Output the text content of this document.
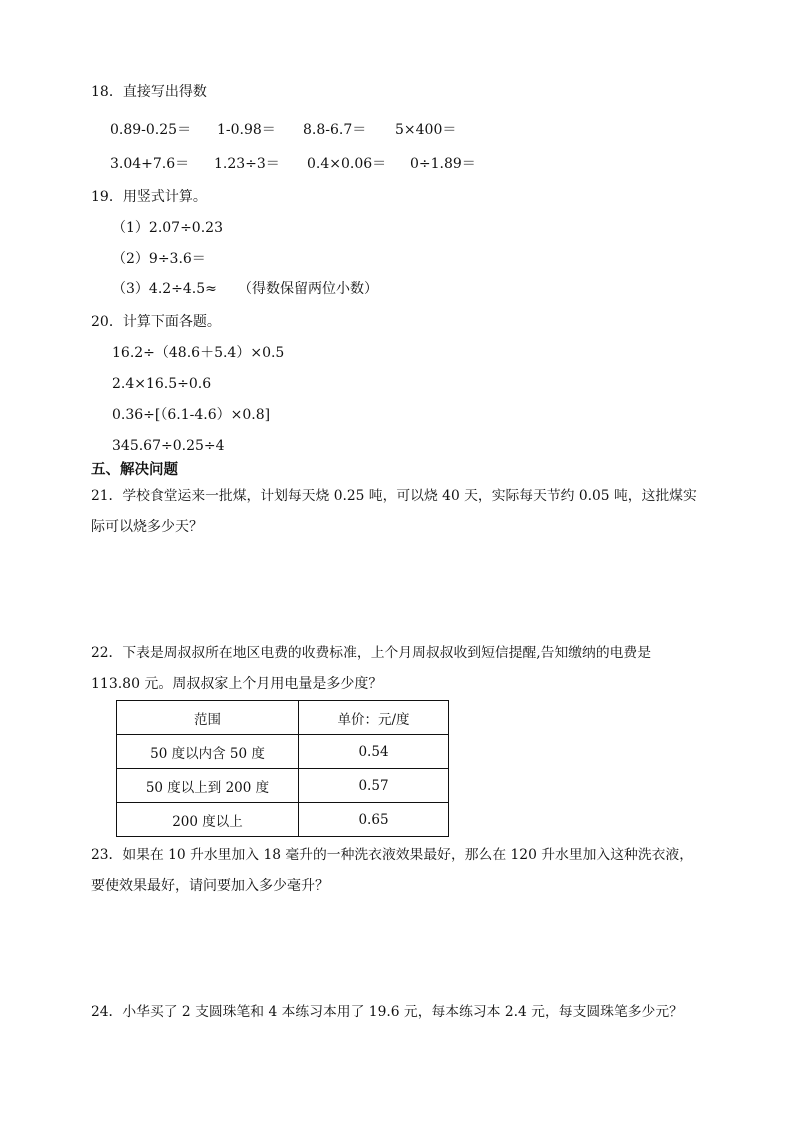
18．直接写出得数
0.89-0.25＝ 1-0.98＝ 8.8-6.7＝ 5×400＝
3.04+7.6＝ 1.23÷3＝ 0.4×0.06＝ 0÷1.89＝
19．用竖式计算。
（1）2.07÷0.23
（2）9÷3.6＝
（3）4.2÷4.5≈ （得数保留两位小数）
20．计算下面各题。
16.2÷（48.6＋5.4）×0.5
2.4×16.5÷0.6
0.36÷[（6.1-4.6）×0.8]
345.67÷0.25÷4
五、解决问题
21．学校食堂运来一批煤，计划每天烧 0.25 吨，可以烧 40 天，实际每天节约 0.05 吨，这批煤实
际可以烧多少天？
22．下表是周叔叔所在地区电费的收费标准，上个月周叔叔收到短信提醒,告知缴纳的电费是
113.80 元。周叔叔家上个月用电量是多少度？
范围	单价：元/度
50 度以内含 50 度	0.54
50 度以上到 200 度	0.57
200 度以上	0.65
23．如果在 10 升水里加入 18 毫升的一种洗衣液效果最好，那么在 120 升水里加入这种洗衣液，
要使效果最好，请问要加入多少毫升？
24．小华买了 2 支圆珠笔和 4 本练习本用了 19.6 元，每本练习本 2.4 元，每支圆珠笔多少元？
